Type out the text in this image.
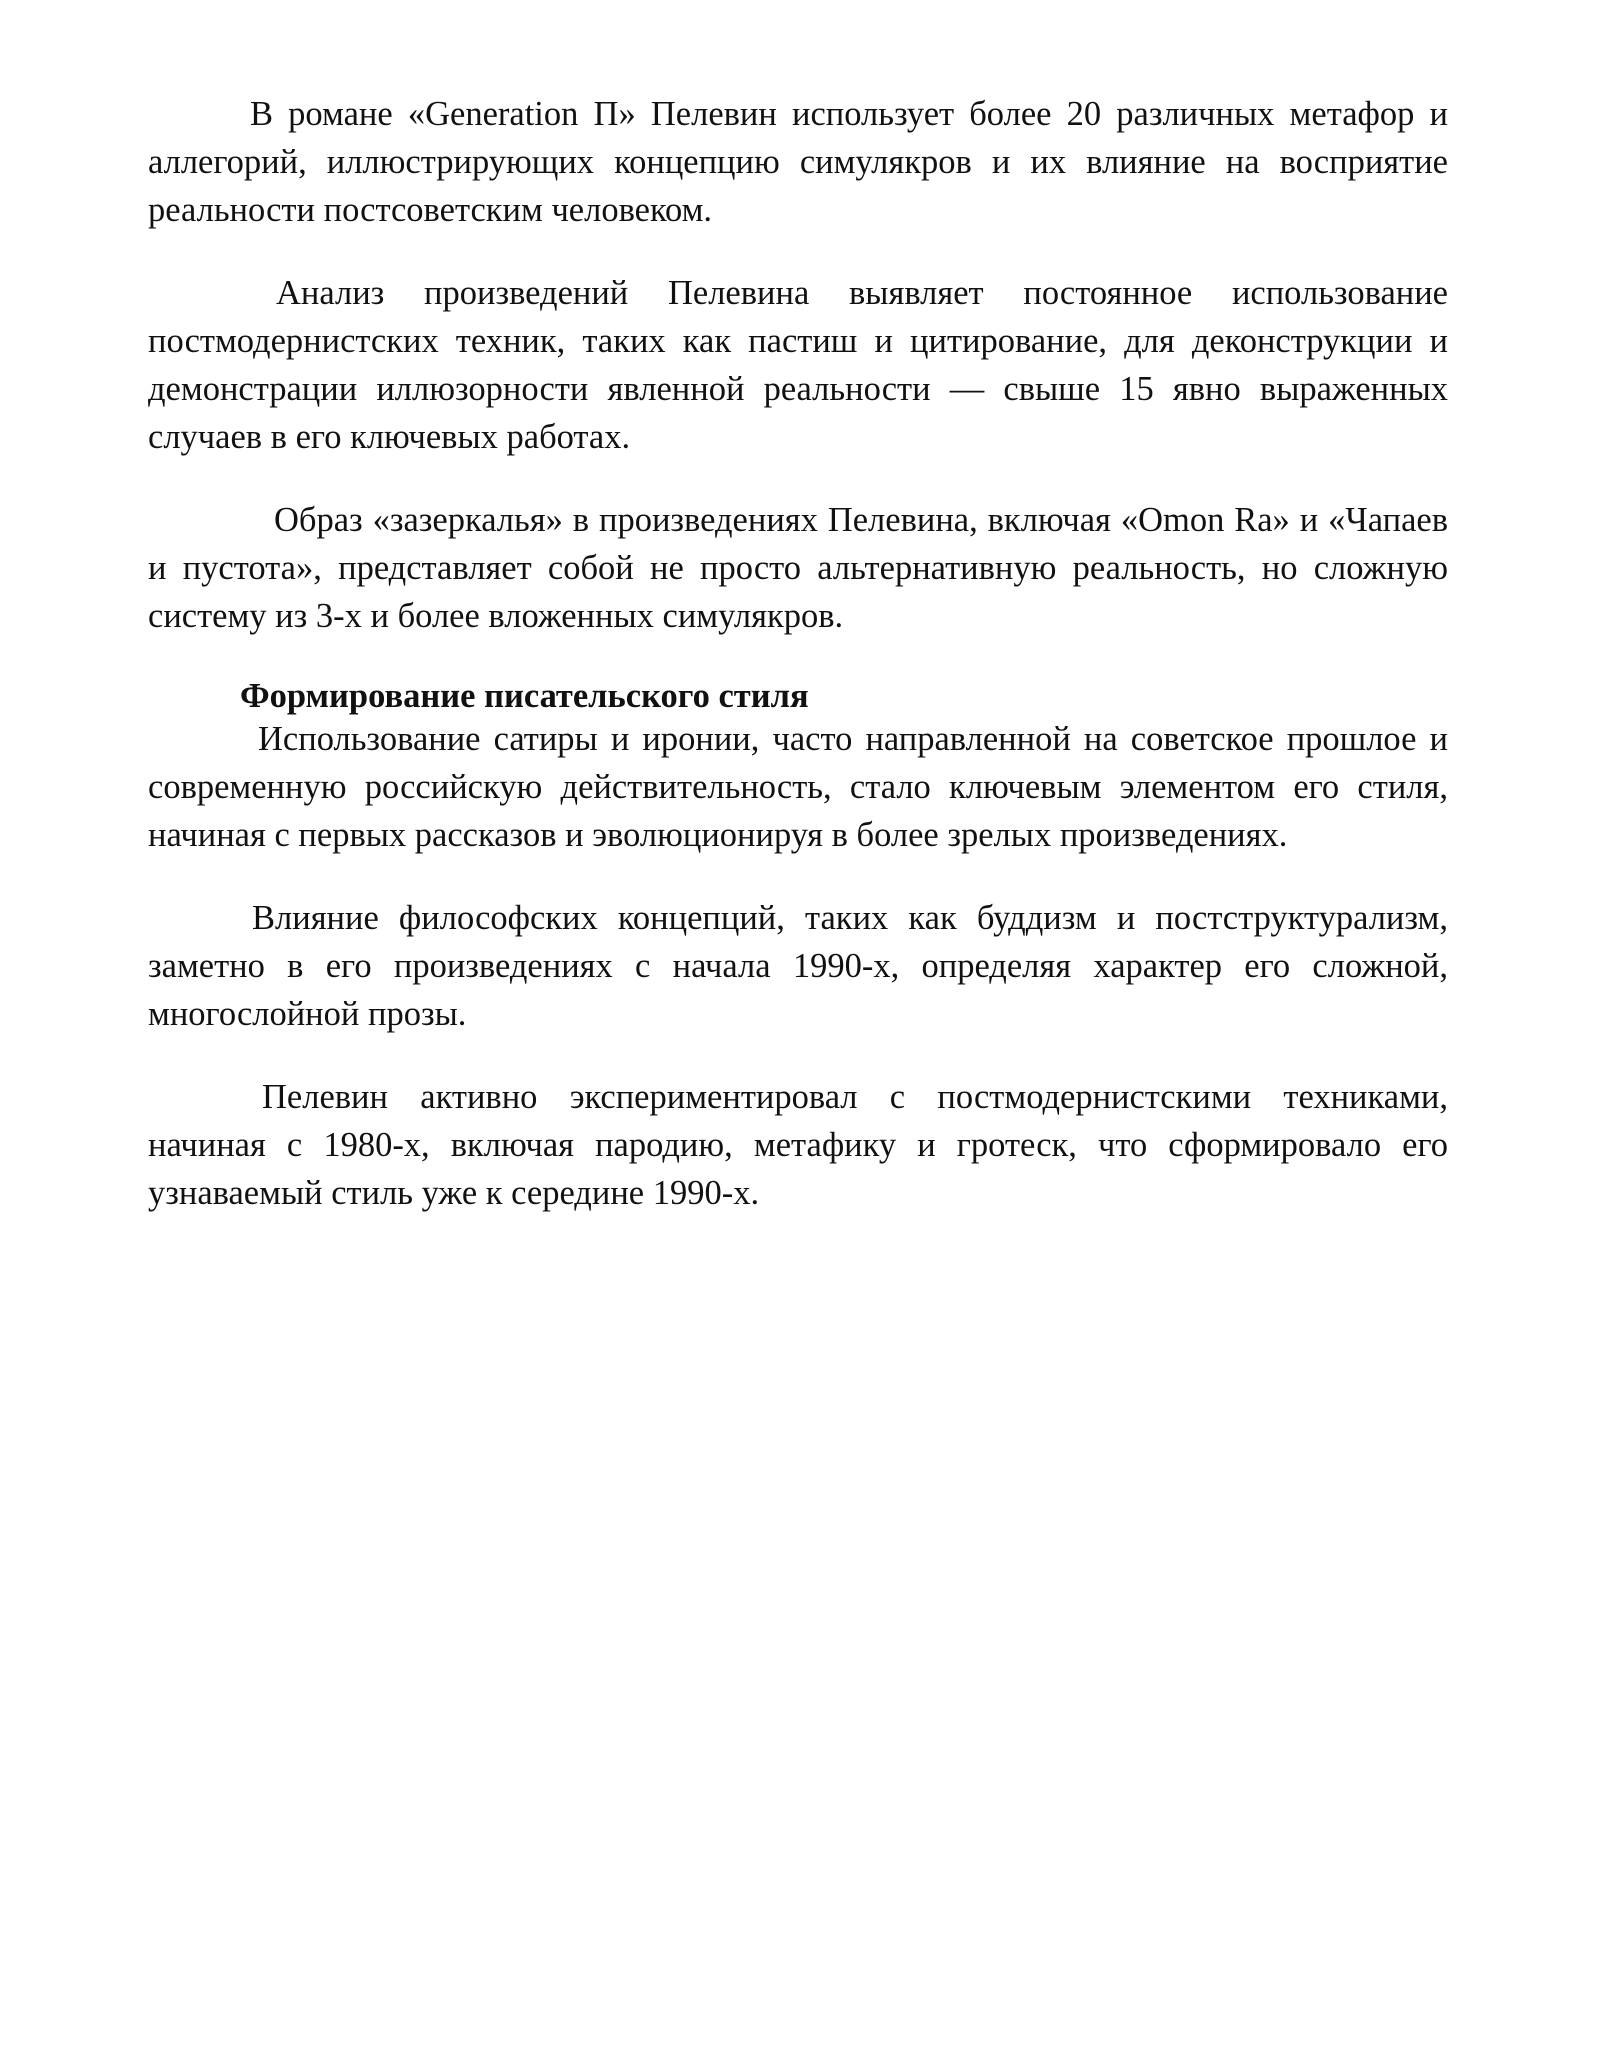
В романе «Generation П» Пелевин использует более 20 различных метафор и аллегорий, иллюстрирующих концепцию симулякров и их влияние на восприятие реальности постсоветским человеком.

Анализ произведений Пелевина выявляет постоянное использование постмодернистских техник, таких как пастиш и цитирование, для деконструкции и демонстрации иллюзорности явленной реальности — свыше 15 явно выраженных случаев в его ключевых работах.

Образ «зазеркалья» в произведениях Пелевина, включая «Omon Ra» и «Чапаев и пустота», представляет собой не просто альтернативную реальность, но сложную систему из 3-х и более вложенных симулякров.

Формирование писательского стиля

Использование сатиры и иронии, часто направленной на советское прошлое и современную российскую действительность, стало ключевым элементом его стиля, начиная с первых рассказов и эволюционируя в более зрелых произведениях.

Влияние философских концепций, таких как буддизм и постструктурализм, заметно в его произведениях с начала 1990-х, определяя характер его сложной, многослойной прозы.

Пелевин активно экспериментировал с постмодернистскими техниками, начиная с 1980-х, включая пародию, метафику и гротеск, что сформировало его узнаваемый стиль уже к середине 1990-х.
